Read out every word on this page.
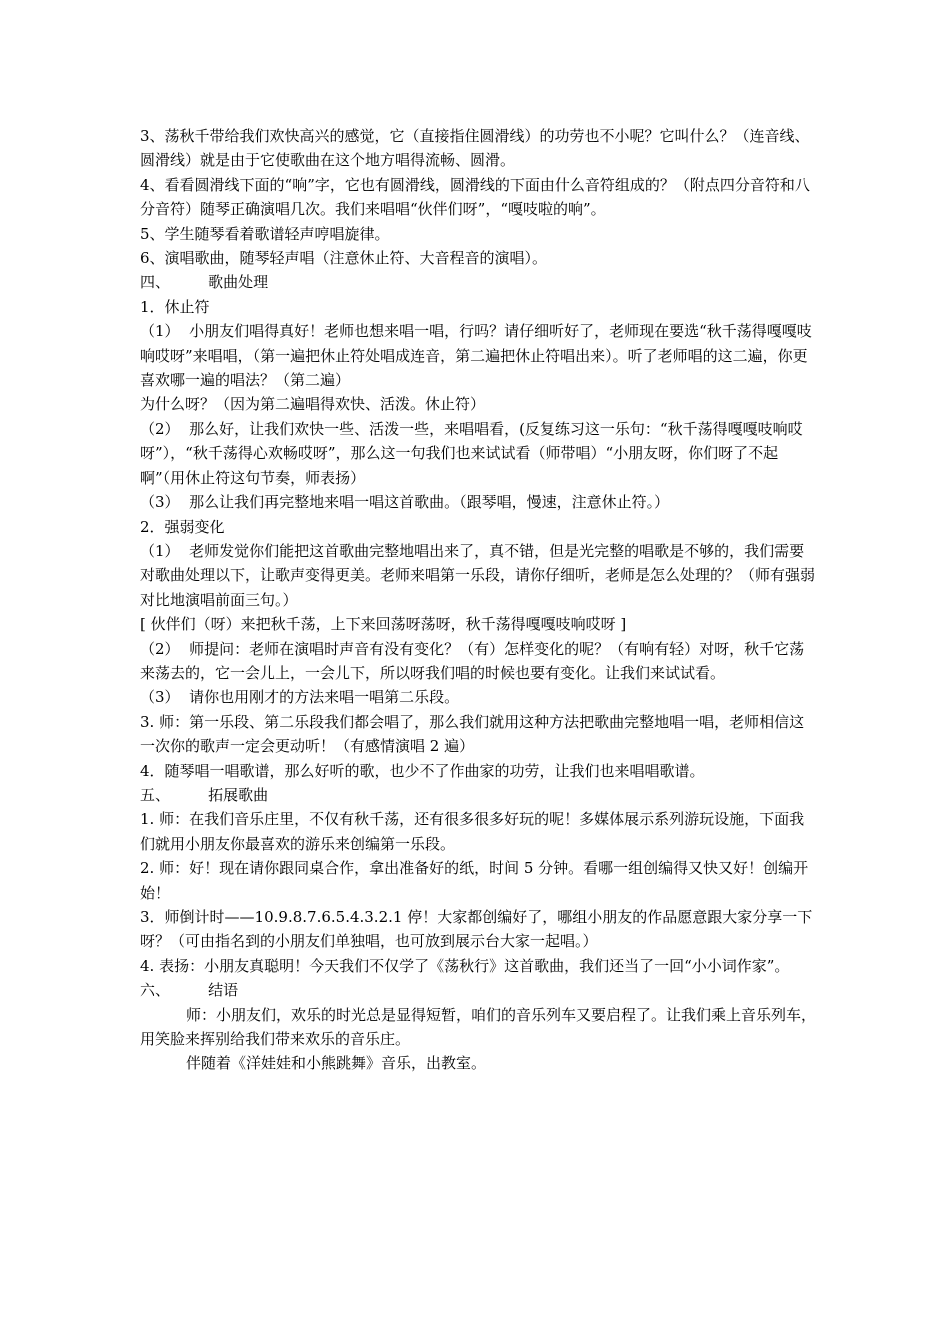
3、荡秋千带给我们欢快高兴的感觉，它（直接指住圆滑线）的功劳也不小呢？它叫什么？（连音线、圆滑线）就是由于它使歌曲在这个地方唱得流畅、圆滑。

4、看看圆滑线下面的“响”字，它也有圆滑线，圆滑线的下面由什么音符组成的？（附点四分音符和八分音符）随琴正确演唱几次。我们来唱唱“伙伴们呀”，“嘎吱啦的响”。

5、学生随琴看着歌谱轻声哼唱旋律。

6、演唱歌曲，随琴轻声唱（注意休止符、大音程音的演唱）。

四、        歌曲处理

1．休止符

（1）  小朋友们唱得真好！老师也想来唱一唱，行吗？请仔细听好了，老师现在要选“秋千荡得嘎嘎吱响哎呀”来唱唱，（第一遍把休止符处唱成连音，第二遍把休止符唱出来）。听了老师唱的这二遍，你更喜欢哪一遍的唱法？（第二遍）

为什么呀？（因为第二遍唱得欢快、活泼。休止符）

（2）  那么好，让我们欢快一些、活泼一些，来唱唱看，(反复练习这一乐句：“秋千荡得嘎嘎吱响哎呀”），“秋千荡得心欢畅哎呀”，那么这一句我们也来试试看（师带唱）“小朋友呀，你们呀了不起啊”（用休止符这句节奏，师表扬）

（3）  那么让我们再完整地来唱一唱这首歌曲。（跟琴唱，慢速，注意休止符。）

2．强弱变化

（1）  老师发觉你们能把这首歌曲完整地唱出来了，真不错，但是光完整的唱歌是不够的，我们需要对歌曲处理以下，让歌声变得更美。老师来唱第一乐段，请你仔细听，老师是怎么处理的？（师有强弱对比地演唱前面三句。）

[ 伙伴们（呀）来把秋千荡，上下来回荡呀荡呀，秋千荡得嘎嘎吱响哎呀 ]

（2）  师提问：老师在演唱时声音有没有变化？（有）怎样变化的呢？（有响有轻）对呀，秋千它荡来荡去的，它一会儿上，一会儿下，所以呀我们唱的时候也要有变化。让我们来试试看。

（3）  请你也用刚才的方法来唱一唱第二乐段。

3. 师：第一乐段、第二乐段我们都会唱了，那么我们就用这种方法把歌曲完整地唱一唱，老师相信这一次你的歌声一定会更动听！（有感情演唱 2 遍）

4．随琴唱一唱歌谱，那么好听的歌，也少不了作曲家的功劳，让我们也来唱唱歌谱。

五、        拓展歌曲

1. 师：在我们音乐庄里，不仅有秋千荡，还有很多很多好玩的呢！多媒体展示系列游玩设施，下面我们就用小朋友你最喜欢的游乐来创编第一乐段。

2. 师：好！现在请你跟同桌合作，拿出准备好的纸，时间 5 分钟。看哪一组创编得又快又好！创编开始！

3．师倒计时——10.9.8.7.6.5.4.3.2.1 停！大家都创编好了，哪组小朋友的作品愿意跟大家分享一下呀？（可由指名到的小朋友们单独唱，也可放到展示台大家一起唱。）

4. 表扬：小朋友真聪明！今天我们不仅学了《荡秋行》这首歌曲，我们还当了一回“小小词作家”。

六、        结语

师：小朋友们，欢乐的时光总是显得短暂，咱们的音乐列车又要启程了。让我们乘上音乐列车，用笑脸来挥别给我们带来欢乐的音乐庄。

伴随着《洋娃娃和小熊跳舞》音乐，出教室。
